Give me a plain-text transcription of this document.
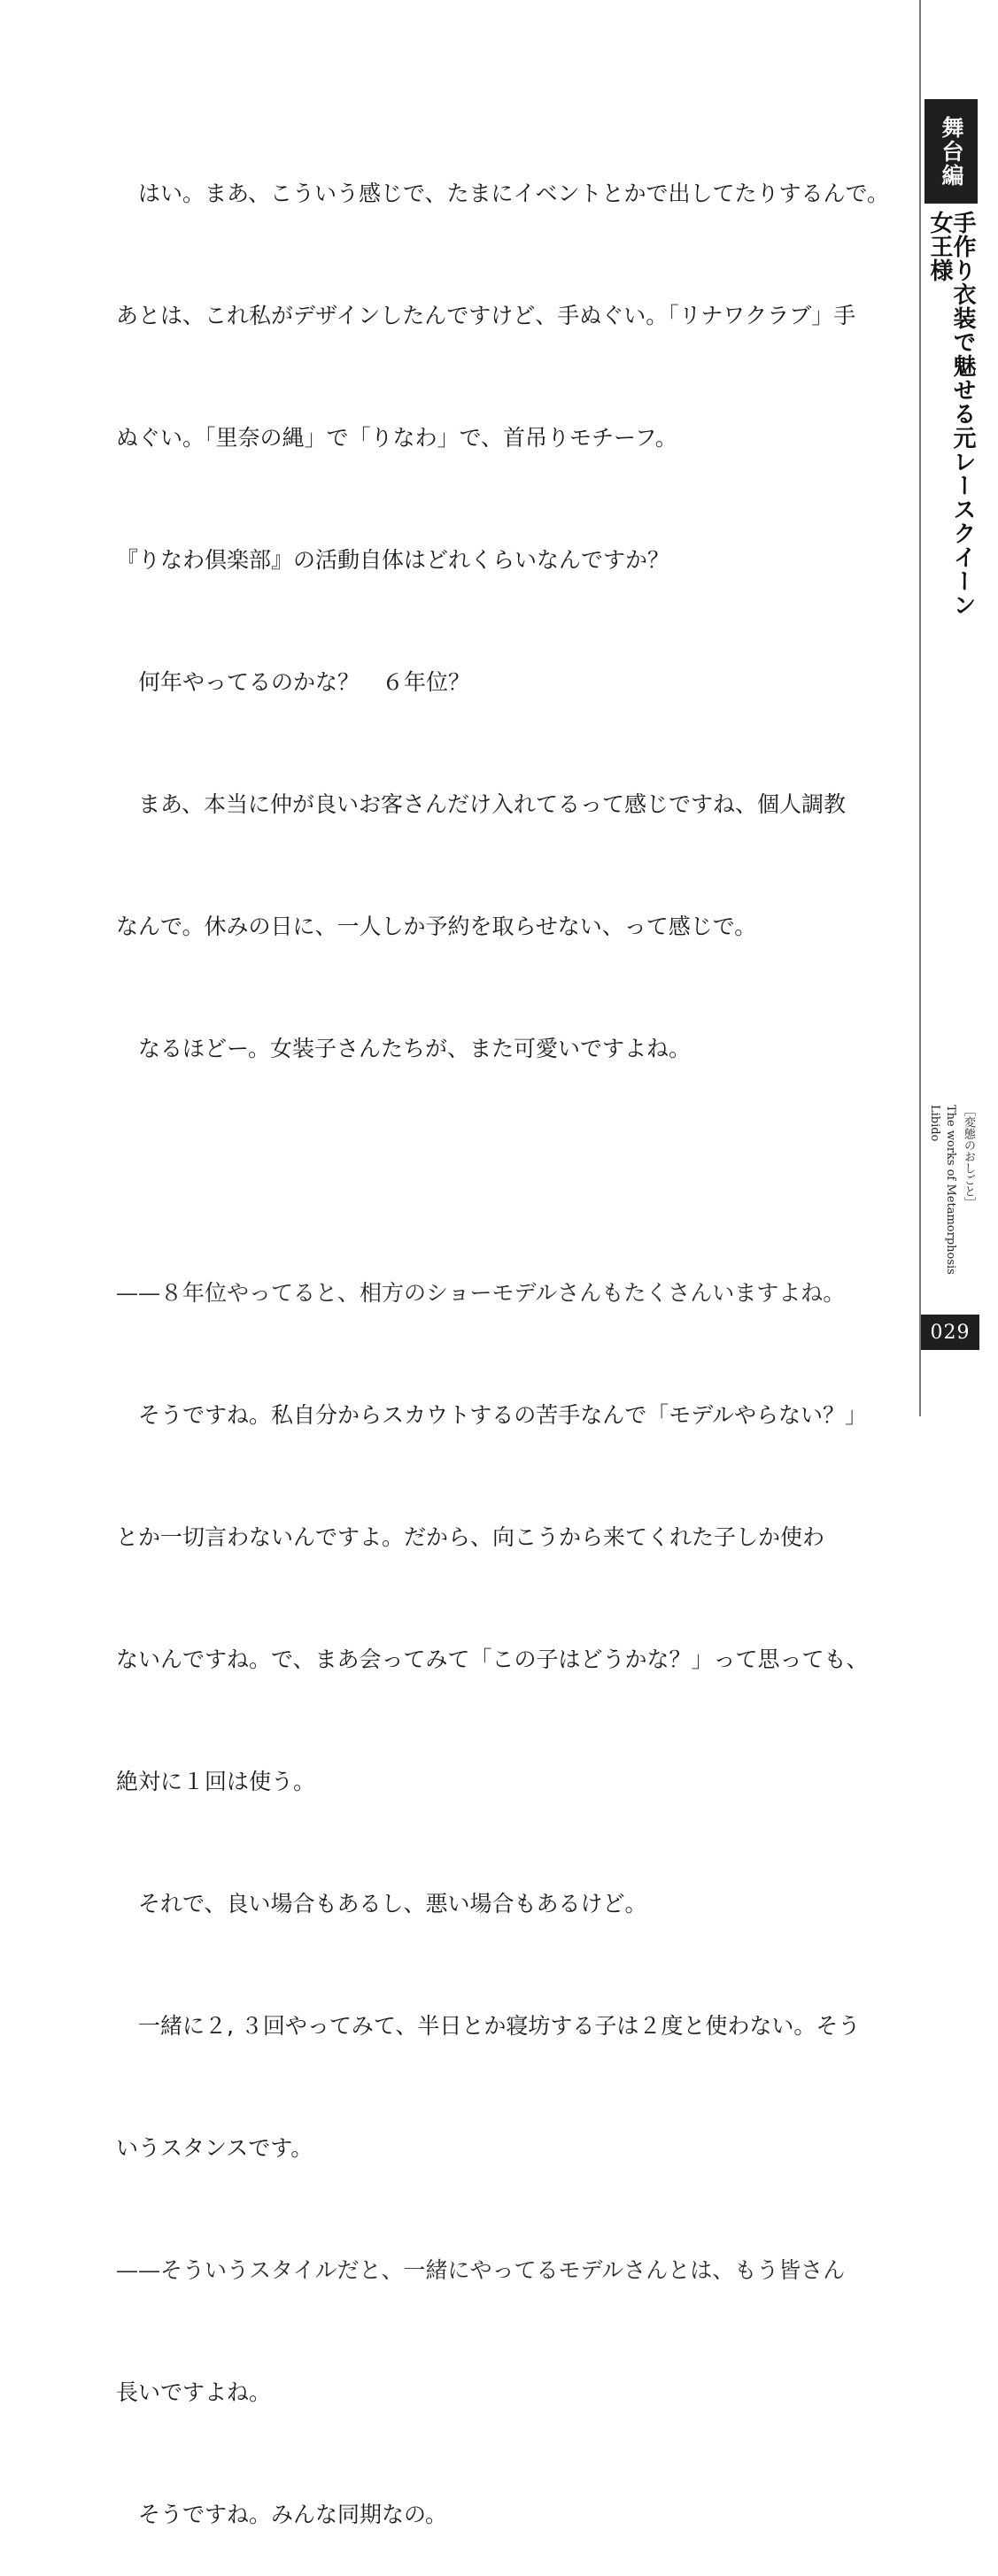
　はい。まあ、こういう感じで、たまにイベントとかで出してたりするんで。

あとは、これ私がデザインしたんですけど、手ぬぐい。「リナワクラブ」手

ぬぐい。「里奈の縄」で「りなわ」で、首吊りモチーフ。

『りなわ倶楽部』の活動自体はどれくらいなんですか？

　何年やってるのかな？　６年位？

　まあ、本当に仲が良いお客さんだけ入れてるって感じですね、個人調教

なんで。休みの日に、一人しか予約を取らせない、って感じで。

　なるほどー。女装子さんたちが、また可愛いですよね。

——８年位やってると、相方のショーモデルさんもたくさんいますよね。

　そうですね。私自分からスカウトするの苦手なんで「モデルやらない？」

とか一切言わないんですよ。だから、向こうから来てくれた子しか使わ

ないんですね。で、まあ会ってみて「この子はどうかな？」って思っても、

絶対に１回は使う。

　それで、良い場合もあるし、悪い場合もあるけど。

　一緒に２, ３回やってみて、半日とか寝坊する子は２度と使わない。そう

いうスタンスです。

——そういうスタイルだと、一緒にやってるモデルさんとは、もう皆さん

長いですよね。

　そうですね。みんな同期なの。

舞台編
手作り衣装で魅せる元レースクイーン女王様
［変態のおしごと］
The works of Metamorphosis Libido
029
